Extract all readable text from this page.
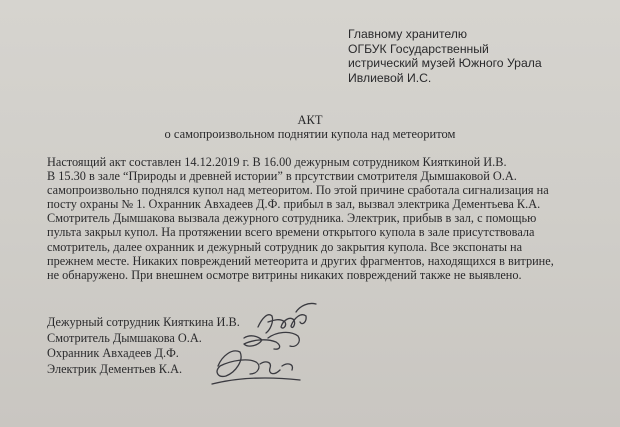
Главному хранителю
ОГБУК Государственный
истрический музей Южного Урала
Ивлиевой И.С.
АКТ
о самопроизвольном поднятии купола над метеоритом
Настоящий акт составлен 14.12.2019 г. В 16.00 дежурным сотрудником Кияткиной И.В.
В 15.30 в зале “Природы и древней истории” в прсутствии смотрителя Дымшаковой О.А.
самопроизвольно поднялся купол над метеоритом. По этой причине сработала сигнализация на
посту охраны № 1. Охранник Авхадеев Д.Ф. прибыл в зал, вызвал электрика Дементьева К.А.
Смотритель Дымшакова вызвала дежурного сотрудника. Электрик, прибыв в зал, с помощью
пульта закрыл купол. На протяжении всего времени открытого купола в зале присутствовала
смотритель, далее охранник и дежурный сотрудник до закрытия купола. Все экспонаты на
прежнем месте. Никаких повреждений метеорита и других фрагментов, находящихся в витрине,
не обнаружено. При внешнем осмотре витрины никаких повреждений также не выявлено.
Дежурный сотрудник Кияткина И.В.
Смотритель Дымшакова О.А.
Охранник Авхадеев Д.Ф.
Электрик Дементьев К.А.
